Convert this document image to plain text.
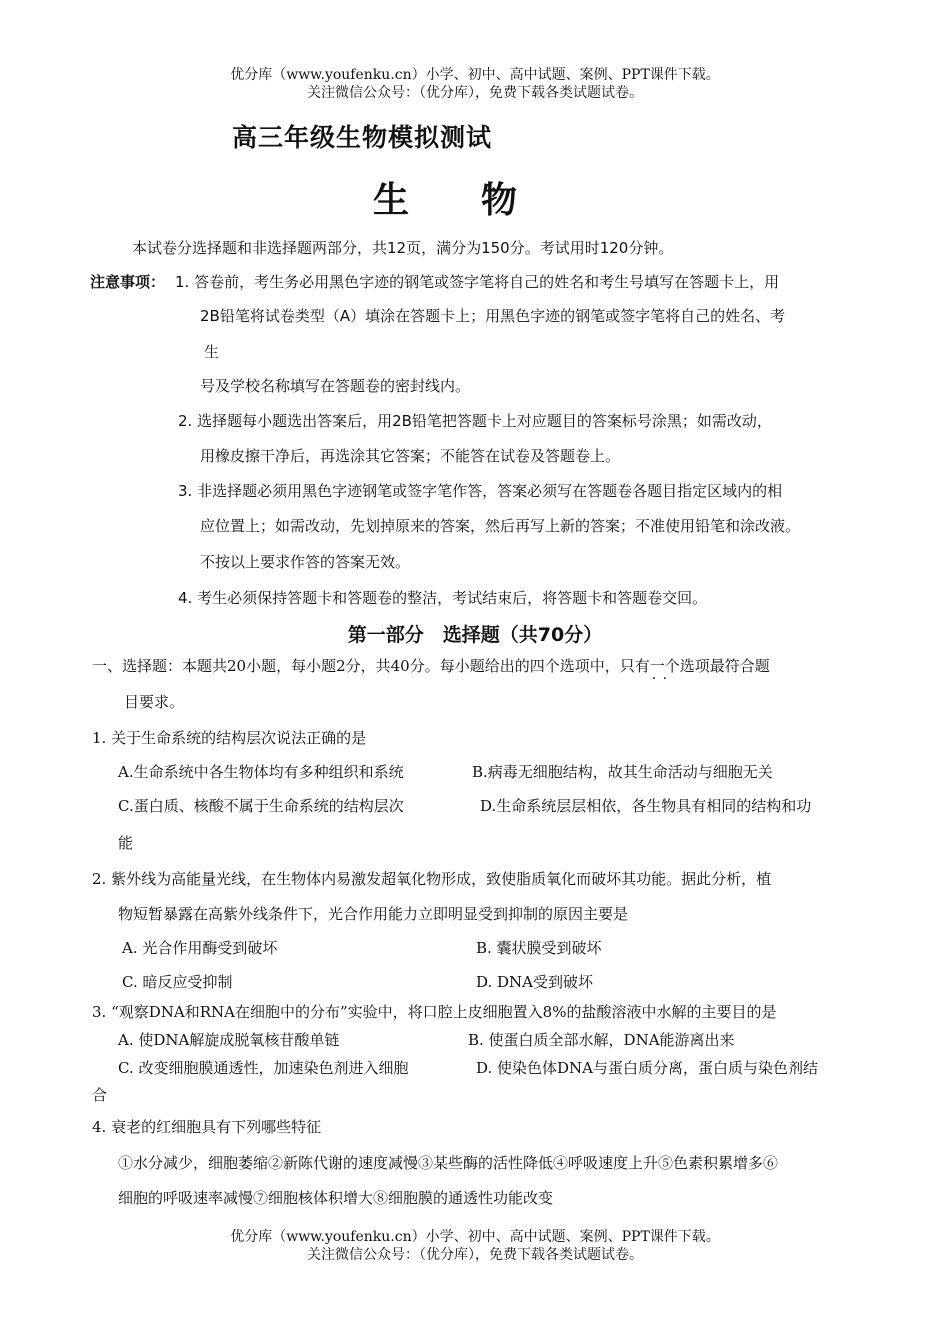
优分库（www.youfenku.cn）小学、初中、高中试题、案例、PPT课件下载。
关注微信公众号：（优分库），免费下载各类试题试卷。
高三年级生物模拟测试
生　　物
本试卷分选择题和非选择题两部分，共12页，满分为150分。考试用时120分钟。
注意事项： 1. 答卷前，考生务必用黑色字迹的钢笔或签字笔将自己的姓名和考生号填写在答题卡上，用
2B铅笔将试卷类型（A）填涂在答题卡上；用黑色字迹的钢笔或签字笔将自己的姓名、考
生
号及学校名称填写在答题卷的密封线内。
2. 选择题每小题选出答案后，用2B铅笔把答题卡上对应题目的答案标号涂黑；如需改动，
用橡皮擦干净后，再选涂其它答案；不能答在试卷及答题卷上。
3. 非选择题必须用黑色字迹钢笔或签字笔作答，答案必须写在答题卷各题目指定区域内的相
应位置上；如需改动，先划掉原来的答案，然后再写上新的答案；不准使用铅笔和涂改液。
不按以上要求作答的答案无效。
4. 考生必须保持答题卡和答题卷的整洁，考试结束后，将答题卡和答题卷交回。
第一部分　选择题（共70分）
一、选择题：本题共20小题，每小题2分，共40分。每小题给出的四个选项中，只有一个 · ·选项最符合题
目要求。
1. 关于生命系统的结构层次说法正确的是
A.生命系统中各生物体均有多种组织和系统	B.病毒无细胞结构，故其生命活动与细胞无关
C.蛋白质、核酸不属于生命系统的结构层次	D.生命系统层层相依，各生物具有相同的结构和功
能
2. 紫外线为高能量光线，在生物体内易激发超氧化物形成，致使脂质氧化而破坏其功能。据此分析，植
物短暂暴露在高紫外线条件下，光合作用能力立即明显受到抑制的原因主要是
A. 光合作用酶受到破坏	B. 囊状膜受到破坏
C. 暗反应受抑制	D. DNA受到破坏
3. “观察DNA和RNA在细胞中的分布”实验中，将口腔上皮细胞置入8%的盐酸溶液中水解的主要目的是
A. 使DNA解旋成脱氧核苷酸单链	B. 使蛋白质全部水解，DNA能游离出来
C. 改变细胞膜通透性，加速染色剂进入细胞	D. 使染色体DNA与蛋白质分离，蛋白质与染色剂结
合
4. 衰老的红细胞具有下列哪些特征
①水分减少，细胞萎缩②新陈代谢的速度减慢③某些酶的活性降低④呼吸速度上升⑤色素积累增多⑥
细胞的呼吸速率减慢⑦细胞核体积增大⑧细胞膜的通透性功能改变
优分库（www.youfenku.cn）小学、初中、高中试题、案例、PPT课件下载。
关注微信公众号：（优分库），免费下载各类试题试卷。
